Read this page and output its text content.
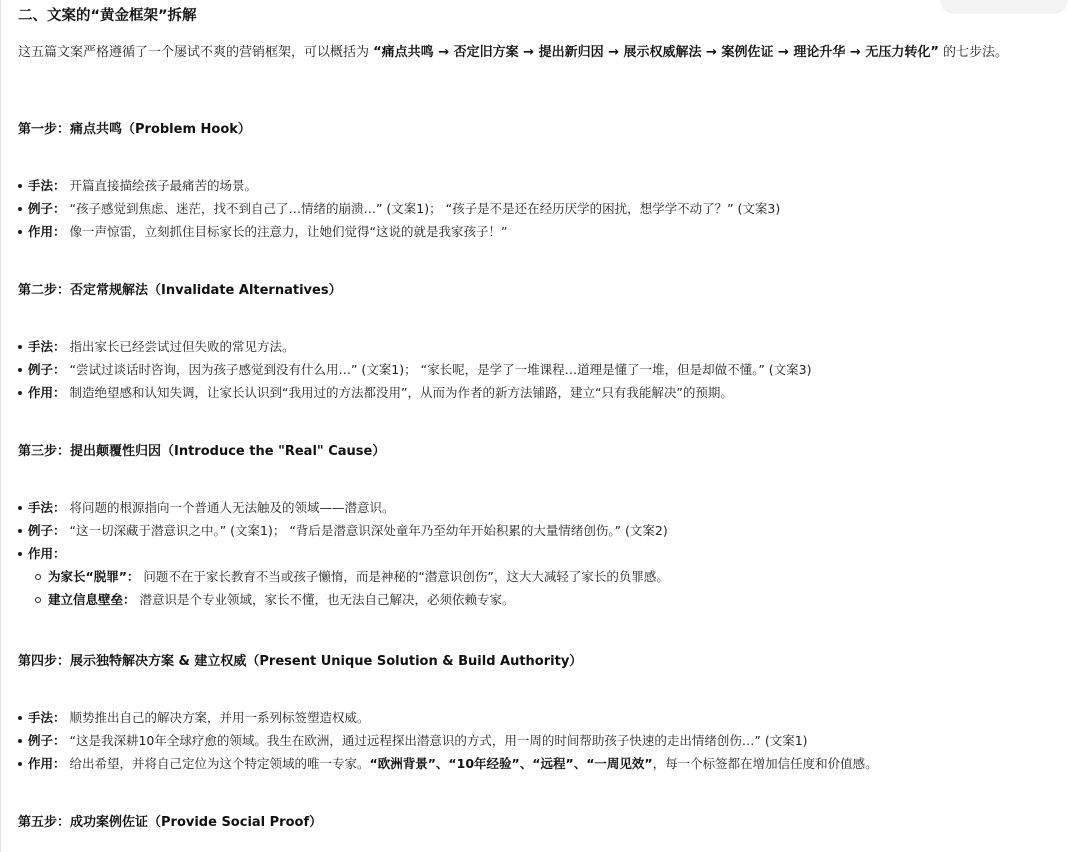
二、文案的“黄金框架”拆解
这五篇文案严格遵循了一个屡试不爽的营销框架，可以概括为 “痛点共鸣 → 否定旧方案 → 提出新归因 → 展示权威解法 → 案例佐证 → 理论升华 → 无压力转化” 的七步法。
第一步：痛点共鸣（Problem Hook）
手法： 开篇直接描绘孩子最痛苦的场景。
例子： “孩子感觉到焦虑、迷茫，找不到自己了…情绪的崩溃…” (文案1)； “孩子是不是还在经历厌学的困扰，想学学不动了？” (文案3)
作用： 像一声惊雷，立刻抓住目标家长的注意力，让她们觉得“这说的就是我家孩子！”
第二步：否定常规解法（Invalidate Alternatives）
手法： 指出家长已经尝试过但失败的常见方法。
例子： “尝试过谈话时咨询，因为孩子感觉到没有什么用…” (文案1)； “家长呢，是学了一堆课程…道理是懂了一堆，但是却做不懂。” (文案3)
作用： 制造绝望感和认知失调，让家长认识到“我用过的方法都没用”，从而为作者的新方法铺路，建立“只有我能解决”的预期。
第三步：提出颠覆性归因（Introduce the "Real" Cause）
手法： 将问题的根源指向一个普通人无法触及的领域——潜意识。
例子： “这一切深藏于潜意识之中。” (文案1)； “背后是潜意识深处童年乃至幼年开始积累的大量情绪创伤。” (文案2)
作用：
为家长“脱罪”： 问题不在于家长教育不当或孩子懒惰，而是神秘的“潜意识创伤”，这大大减轻了家长的负罪感。
建立信息壁垒： 潜意识是个专业领域，家长不懂，也无法自己解决，必须依赖专家。
第四步：展示独特解决方案 & 建立权威（Present Unique Solution & Build Authority）
手法： 顺势推出自己的解决方案，并用一系列标签塑造权威。
例子： “这是我深耕10年全球疗愈的领域。我生在欧洲，通过远程探出潜意识的方式，用一周的时间帮助孩子快速的走出情绪创伤…” (文案1)
作用： 给出希望，并将自己定位为这个特定领域的唯一专家。“欧洲背景”、“10年经验”、“远程”、“一周见效”，每一个标签都在增加信任度和价值感。
第五步：成功案例佐证（Provide Social Proof）
